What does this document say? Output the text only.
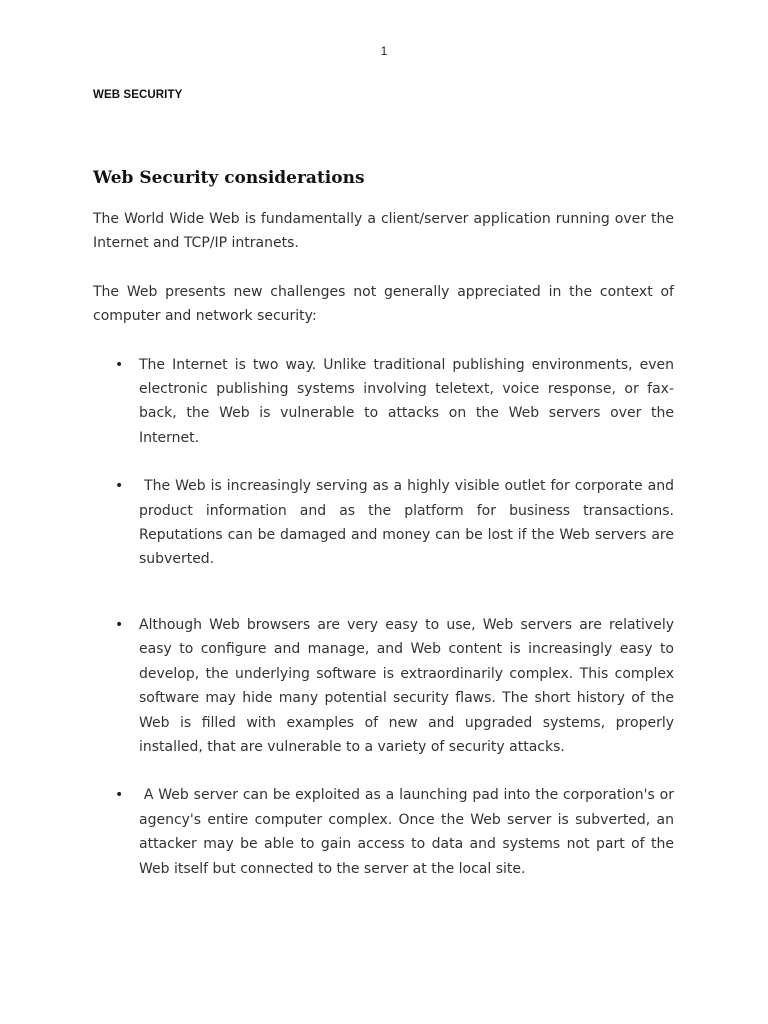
1
WEB SECURITY
Web Security considerations

The World Wide Web is fundamentally a client/server application running over the Internet and TCP/IP intranets.

The Web presents new challenges not generally appreciated in the context of computer and network security:

• The Internet is two way. Unlike traditional publishing environments, even electronic publishing systems involving teletext, voice response, or fax-back, the Web is vulnerable to attacks on the Web servers over the Internet.
• The Web is increasingly serving as a highly visible outlet for corporate and product information and as the platform for business transactions. Reputations can be damaged and money can be lost if the Web servers are subverted.
• Although Web browsers are very easy to use, Web servers are relatively easy to configure and manage, and Web content is increasingly easy to develop, the underlying software is extraordinarily complex. This complex software may hide many potential security flaws. The short history of the Web is filled with examples of new and upgraded systems, properly installed, that are vulnerable to a variety of security attacks.
• A Web server can be exploited as a launching pad into the corporation's or agency's entire computer complex. Once the Web server is subverted, an attacker may be able to gain access to data and systems not part of the Web itself but connected to the server at the local site.
